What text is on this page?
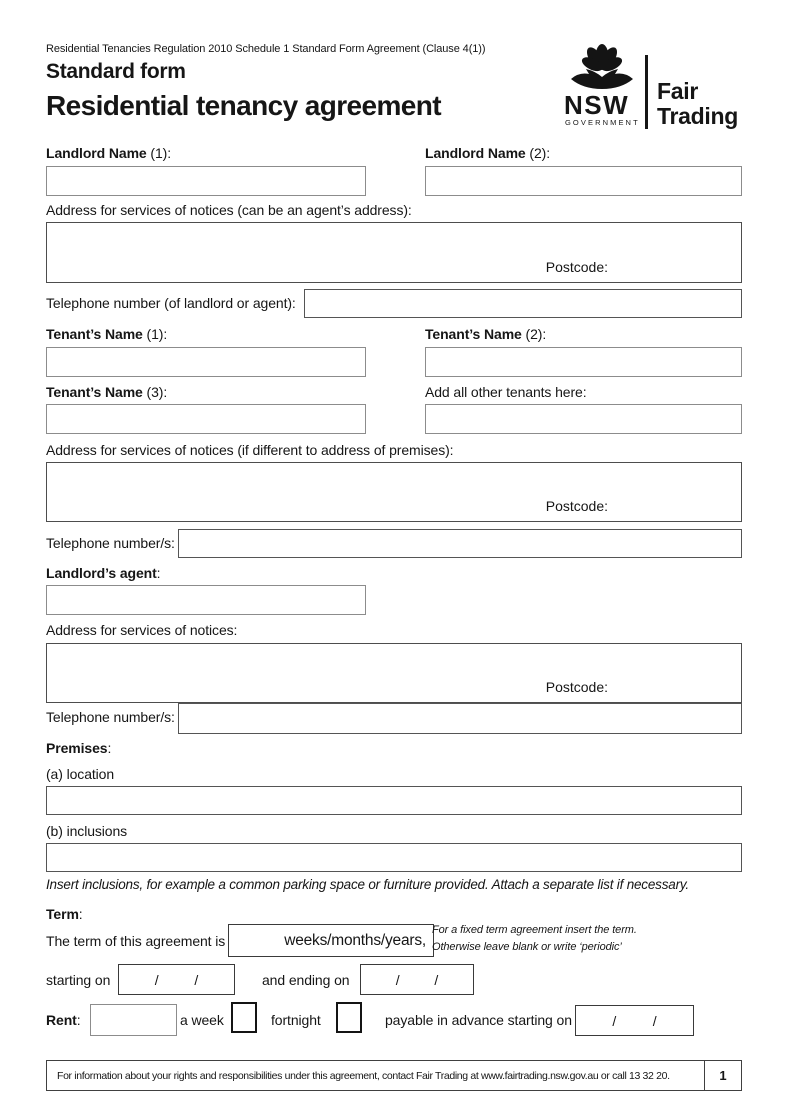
Residential Tenancies Regulation 2010 Schedule 1 Standard Form Agreement (Clause 4(1))
Standard form
Residential tenancy agreement	NSW
GOVERNMENT
Fair
Trading
Landlord Name (1):	Landlord Name (2):
Address for services of notices (can be an agent’s address):
Postcode:
Telephone number (of landlord or agent):
Tenant’s Name (1):	Tenant’s Name (2):
Tenant’s Name (3):	Add all other tenants here:
Address for services of notices (if different to address of premises):
Postcode:
Telephone number/s:
Landlord’s agent:
Address for services of notices:
Postcode:
Telephone number/s:
Premises:
(a) location
(b) inclusions
Insert inclusions, for example a common parking space or furniture provided. Attach a separate list if necessary.
Term:
The term of this agreement is	weeks/months/years,
For a fixed term agreement insert the term.
Otherwise leave blank or write ‘periodic’
starting on	/	/	and ending on	/ /
Rent:	a week	fortnight	payable in advance starting on	/	/
For information about your rights and responsibilities under this agreement, contact Fair Trading at www.fairtrading.nsw.gov.au or call 13 32 20.	1
